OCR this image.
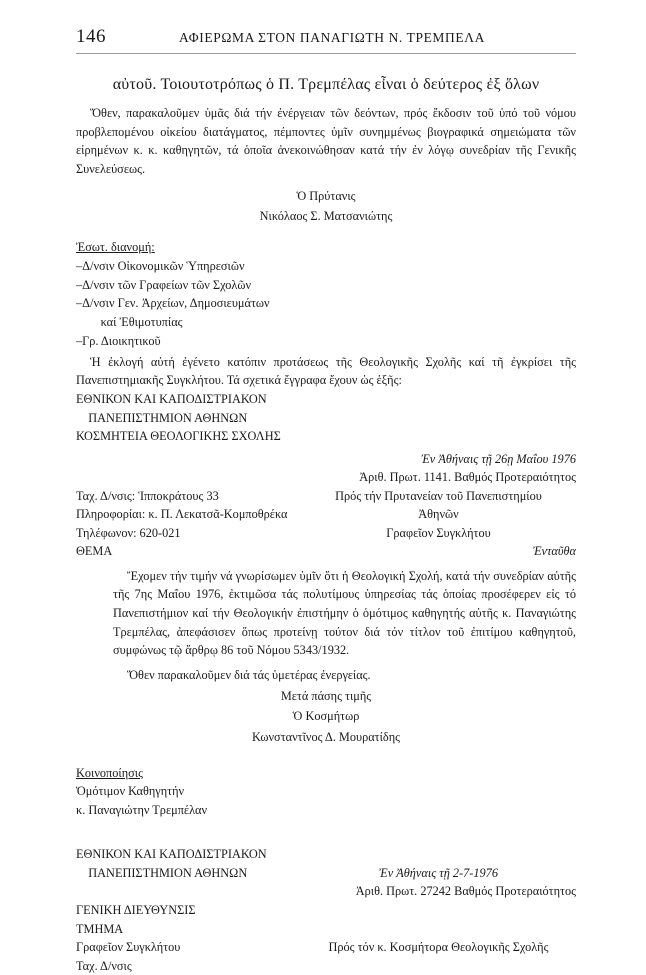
146	ΑΦΙΕΡΩΜΑ ΣΤΟΝ ΠΑΝΑΓΙΩΤΗ Ν. ΤΡΕΜΠΕΛΑ
αὐτοῦ. Τοιουτοτρόπως ὁ Π. Τρεμπέλας εἶναι ὁ δεύτερος ἐξ ὅλων

Ὅθεν, παρακαλοῦμεν ὑμᾶς διά τήν ἐνέργειαν τῶν δεόντων, πρός ἔκδοσιν τοῦ ὑπό τοῦ νόμου προβλεπομένου οἰκείου διατάγματος, πέμποντες ὑμῖν συνημμένως βιογραφικά σημειώματα τῶν εἰρημένων κ. κ. καθηγητῶν, τά ὁποῖα ἀνεκοινώθησαν κατά τήν ἐν λόγῳ συνεδρίαν τῆς Γενικῆς Συνελεύσεως.

Ὁ Πρύτανις
Νικόλαος Σ. Ματσανιώτης
Ἐσωτ. διανομή:
–Δ/νσιν Οἰκονομικῶν Ὑπηρεσιῶν
–Δ/νσιν τῶν Γραφείων τῶν Σχολῶν
–Δ/νσιν Γεν. Ἀρχείων, Δημοσιευμάτων
καί Ἐθιμοτυπίας
–Γρ. Διοικητικοῦ

Ἡ ἐκλογή αὐτή ἐγένετο κατόπιν προτάσεως τῆς Θεολογικῆς Σχολῆς καί τῆ ἐγκρίσει τῆς Πανεπιστημιακῆς Συγκλήτου. Τά σχετικά ἔγγραφα ἔχουν ὡς ἑξῆς:

ΕΘΝΙΚΟΝ ΚΑΙ ΚΑΠΟΔΙΣΤΡΙΑΚΟΝ
ΠΑΝΕΠΙΣΤΗΜΙΟΝ ΑΘΗΝΩΝ
ΚΟΣΜΗΤΕΙΑ ΘΕΟΛΟΓΙΚΗΣ ΣΧΟΛΗΣ
Ἐν Ἀθήναις τῇ 26ῃ Μαΐου 1976
Ἀριθ. Πρωτ. 1141. Βαθμός Προτεραιότητος
Ταχ. Δ/νσις: Ἱπποκράτους 33	Πρός τήν Πρυτανείαν τοῦ Πανεπιστημίου
Πληροφορίαι: κ. Π. Λεκατσᾶ-Κομποθρέκα	Ἀθηνῶν
Τηλέφωνον: 620-021	Γραφεῖον Συγκλήτου
ΘΕΜΑ	Ἐνταῦθα

Ἔχομεν τήν τιμήν νά γνωρίσωμεν ὑμῖν ὅτι ἡ Θεολογική Σχολή, κατά τήν συνεδρίαν αὐτῆς τῆς 7ης Μαΐου 1976, ἐκτιμῶσα τάς πολυτίμους ὑπηρεσίας τάς ὁποίας προσέφερεν εἰς τό Πανεπιστήμιον καί τήν Θεολογικήν ἐπιστήμην ὁ ὁμότιμος καθηγητής αὐτῆς κ. Παναγιώτης Τρεμπέλας, ἀπεφάσισεν ὅπως προτείνῃ τούτον διά τόν τίτλον τοῦ ἐπιτίμου καθηγητοῦ, συμφώνως τῷ ἄρθρῳ 86 τοῦ Νόμου 5343/1932.

Ὅθεν παρακαλοῦμεν διά τάς ὑμετέρας ἐνεργείας.

Μετά πάσης τιμῆς
Ὁ Κοσμήτωρ
Κωνσταντῖνος Δ. Μουρατίδης
Κοινοποίησις
Ὁμότιμον Καθηγητήν
κ. Παναγιώτην Τρεμπέλαν
ΕΘΝΙΚΟΝ ΚΑΙ ΚΑΠΟΔΙΣΤΡΙΑΚΟΝ
ΠΑΝΕΠΙΣΤΗΜΙΟΝ ΑΘΗΝΩΝ	Ἐν Ἀθήναις τῇ 2-7-1976
Ἀριθ. Πρωτ. 27242 Βαθμός Προτεραιότητος
ΓΕΝΙΚΗ ΔΙΕΥΘΥΝΣΙΣ
ΤΜΗΜΑ
Γραφεῖον Συγκλήτου	Πρός τόν κ. Κοσμήτορα Θεολογικῆς Σχολῆς
Ταχ. Δ/νσις
